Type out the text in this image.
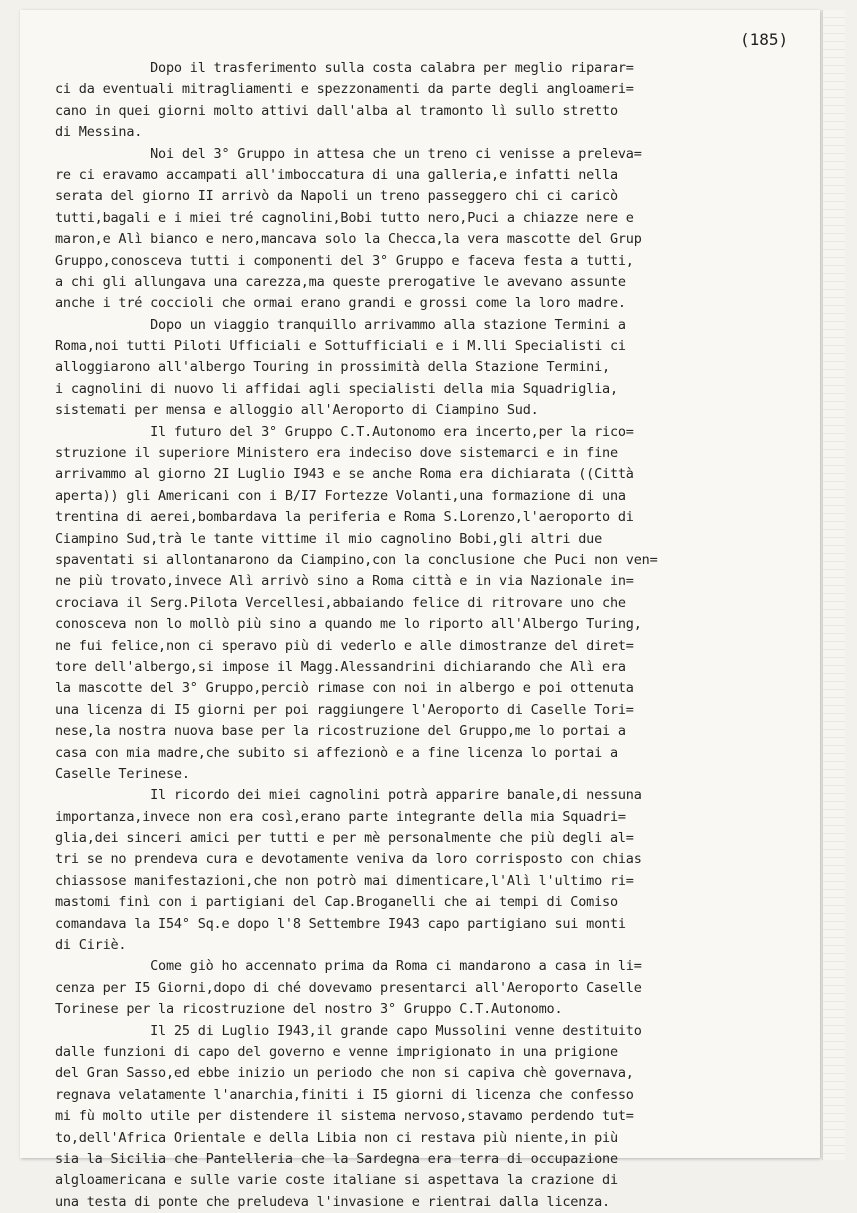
(185)
Dopo il trasferimento sulla costa calabra per meglio riparar=
ci da eventuali mitragliamenti e spezzonamenti da parte degli angloameri=
cano in quei giorni molto attivi dall'alba al tramonto lì sullo stretto
di Messina.
Noi del 3° Gruppo in attesa che un treno ci venisse a preleva=
re ci eravamo accampati all'imboccatura di una galleria,e infatti nella
serata del giorno II arrivò da Napoli un treno passeggero chi ci caricò
tutti,bagali e i miei tré cagnolini,Bobi tutto nero,Puci a chiazze nere e
maron,e Alì bianco e nero,mancava solo la Checca,la vera mascotte del Grup
Gruppo,conosceva tutti i componenti del 3° Gruppo e faceva festa a tutti,
a chi gli allungava una carezza,ma queste prerogative le avevano assunte
anche i tré coccioli che ormai erano grandi e grossi come la loro madre.
Dopo un viaggio tranquillo arrivammo alla stazione Termini a
Roma,noi tutti Piloti Ufficiali e Sottufficiali e i M.lli Specialisti ci
alloggiarono all'albergo Touring in prossimità della Stazione Termini,
i cagnolini di nuovo li affidai agli specialisti della mia Squadriglia,
sistemati per mensa e alloggio all'Aeroporto di Ciampino Sud.
Il futuro del 3° Gruppo C.T.Autonomo era incerto,per la rico=
struzione il superiore Ministero era indeciso dove sistemarci e in fine
arrivammo al giorno 2I Luglio I943 e se anche Roma era dichiarata ((Città
aperta)) gli Americani con i B/I7 Fortezze Volanti,una formazione di una
trentina di aerei,bombardava la periferia e Roma S.Lorenzo,l'aeroporto di
Ciampino Sud,trà le tante vittime il mio cagnolino Bobi,gli altri due
spaventati si allontanarono da Ciampino,con la conclusione che Puci non ven=
ne più trovato,invece Alì arrivò sino a Roma città e in via Nazionale in=
crociava il Serg.Pilota Vercellesi,abbaiando felice di ritrovare uno che
conosceva non lo mollò più sino a quando me lo riporto all'Albergo Turing,
ne fui felice,non ci speravo più di vederlo e alle dimostranze del diret=
tore dell'albergo,si impose il Magg.Alessandrini dichiarando che Alì era
la mascotte del 3° Gruppo,perciò rimase con noi in albergo e poi ottenuta
una licenza di I5 giorni per poi raggiungere l'Aeroporto di Caselle Tori=
nese,la nostra nuova base per la ricostruzione del Gruppo,me lo portai a
casa con mia madre,che subito si affezionò e a fine licenza lo portai a
Caselle Terinese.
Il ricordo dei miei cagnolini potrà apparire banale,di nessuna
importanza,invece non era così,erano parte integrante della mia Squadri=
glia,dei sinceri amici per tutti e per mè personalmente che più degli al=
tri se no prendeva cura e devotamente veniva da loro corrisposto con chias
chiassose manifestazioni,che non potrò mai dimenticare,l'Alì l'ultimo ri=
mastomi finì con i partigiani del Cap.Broganelli che ai tempi di Comiso
comandava la I54° Sq.e dopo l'8 Settembre I943 capo partigiano sui monti
di Ciriè.
Come giò ho accennato prima da Roma ci mandarono a casa in li=
cenza per I5 Giorni,dopo di ché dovevamo presentarci all'Aeroporto Caselle
Torinese per la ricostruzione del nostro 3° Gruppo C.T.Autonomo.
Il 25 di Luglio I943,il grande capo Mussolini venne destituito
dalle funzioni di capo del governo e venne imprigionato in una prigione
del Gran Sasso,ed ebbe inizio un periodo che non si capiva chè governava,
regnava velatamente l'anarchia,finiti i I5 giorni di licenza che confesso
mi fù molto utile per distendere il sistema nervoso,stavamo perdendo tut=
to,dell'Africa Orientale e della Libia non ci restava più niente,in più
sia la Sicilia che Pantelleria che la Sardegna era terra di occupazione
algloamericana e sulle varie coste italiane si aspettava la crazione di
una testa di ponte che preludeva l'invasione e rientrai dalla licenza.
